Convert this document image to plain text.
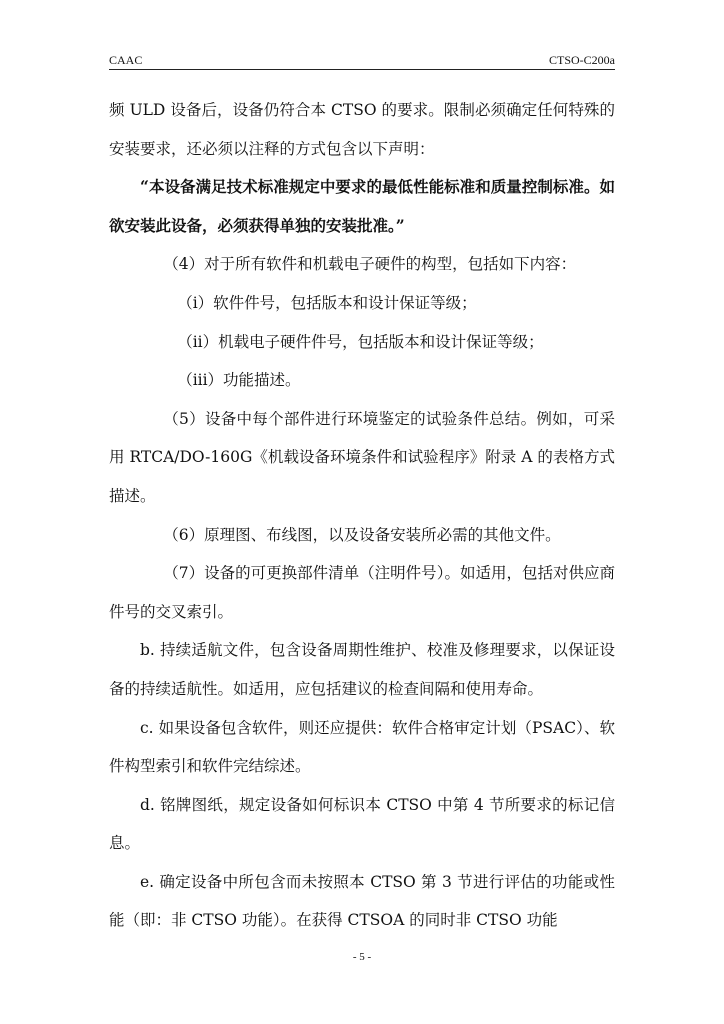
CAAC	CTSO-C200a

频 ULD 设备后，设备仍符合本 CTSO 的要求。限制必须确定任何特殊的安装要求，还必须以注释的方式包含以下声明：

“本设备满足技术标准规定中要求的最低性能标准和质量控制标准。如欲安装此设备，必须获得单独的安装批准。”

（4）对于所有软件和机载电子硬件的构型，包括如下内容：

（i）软件件号，包括版本和设计保证等级；

（ii）机载电子硬件件号，包括版本和设计保证等级；

（iii）功能描述。

（5）设备中每个部件进行环境鉴定的试验条件总结。例如，可采用 RTCA/DO-160G《机载设备环境条件和试验程序》附录 A 的表格方式描述。

（6）原理图、布线图，以及设备安装所必需的其他文件。

（7）设备的可更换部件清单（注明件号）。如适用，包括对供应商件号的交叉索引。

b. 持续适航文件，包含设备周期性维护、校准及修理要求，以保证设备的持续适航性。如适用，应包括建议的检查间隔和使用寿命。

c. 如果设备包含软件，则还应提供：软件合格审定计划（PSAC）、软件构型索引和软件完结综述。

d. 铭牌图纸，规定设备如何标识本 CTSO 中第 4 节所要求的标记信息。

e. 确定设备中所包含而未按照本 CTSO 第 3 节进行评估的功能或性能（即：非 CTSO 功能）。在获得 CTSOA 的同时非 CTSO 功能

- 5 -
